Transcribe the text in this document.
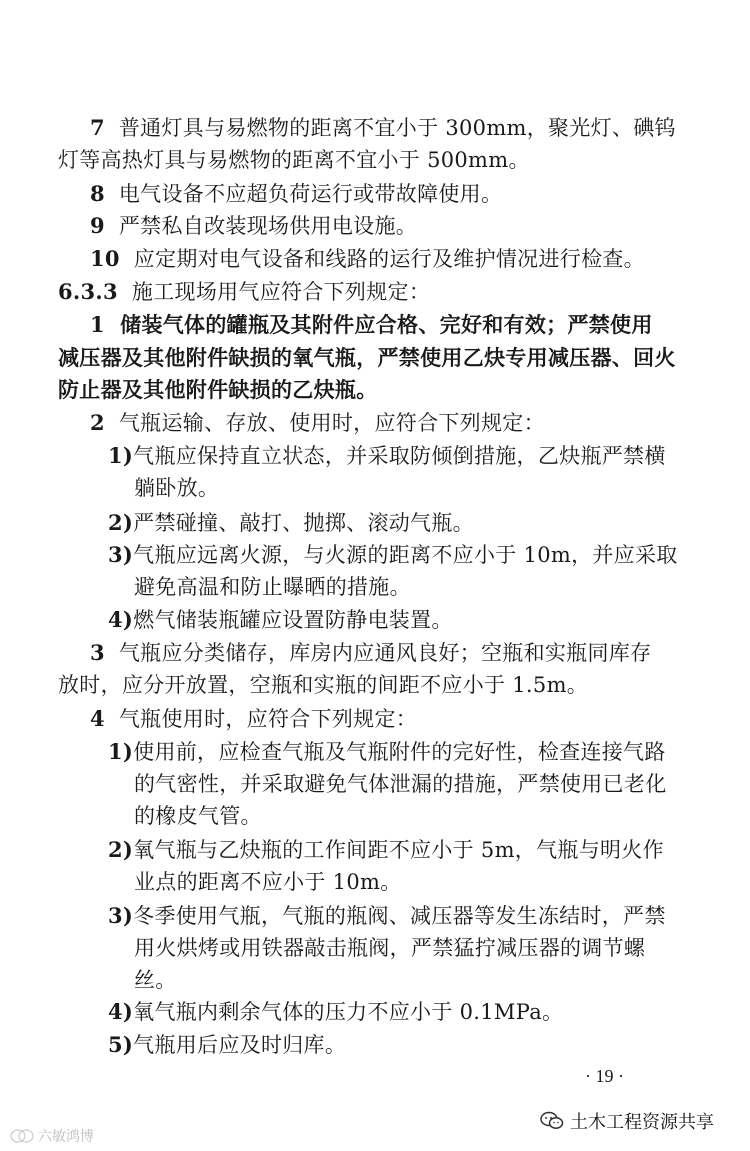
7 普通灯具与易燃物的距离不宜小于 300mm，聚光灯、碘钨
灯等高热灯具与易燃物的距离不宜小于 500mm。
8 电气设备不应超负荷运行或带故障使用。
9 严禁私自改装现场供用电设施。
10 应定期对电气设备和线路的运行及维护情况进行检查。
6.3.3 施工现场用气应符合下列规定：
1 储装气体的罐瓶及其附件应合格、完好和有效；严禁使用
减压器及其他附件缺损的氧气瓶，严禁使用乙炔专用减压器、回火
防止器及其他附件缺损的乙炔瓶。
2 气瓶运输、存放、使用时，应符合下列规定：
1)气瓶应保持直立状态，并采取防倾倒措施，乙炔瓶严禁横
躺卧放。
2)严禁碰撞、敲打、抛掷、滚动气瓶。
3)气瓶应远离火源，与火源的距离不应小于 10m，并应采取
避免高温和防止曝晒的措施。
4)燃气储装瓶罐应设置防静电装置。
3 气瓶应分类储存，库房内应通风良好；空瓶和实瓶同库存
放时，应分开放置，空瓶和实瓶的间距不应小于 1.5m。
4 气瓶使用时，应符合下列规定：
1)使用前，应检查气瓶及气瓶附件的完好性，检查连接气路
的气密性，并采取避免气体泄漏的措施，严禁使用已老化
的橡皮气管。
2)氧气瓶与乙炔瓶的工作间距不应小于 5m，气瓶与明火作
业点的距离不应小于 10m。
3)冬季使用气瓶，气瓶的瓶阀、减压器等发生冻结时，严禁
用火烘烤或用铁器敲击瓶阀，严禁猛拧减压器的调节螺
丝。
4)氧气瓶内剩余气体的压力不应小于 0.1MPa。
5)气瓶用后应及时归库。
· 19 ·
土木工程资源共享
六敏鸿博
